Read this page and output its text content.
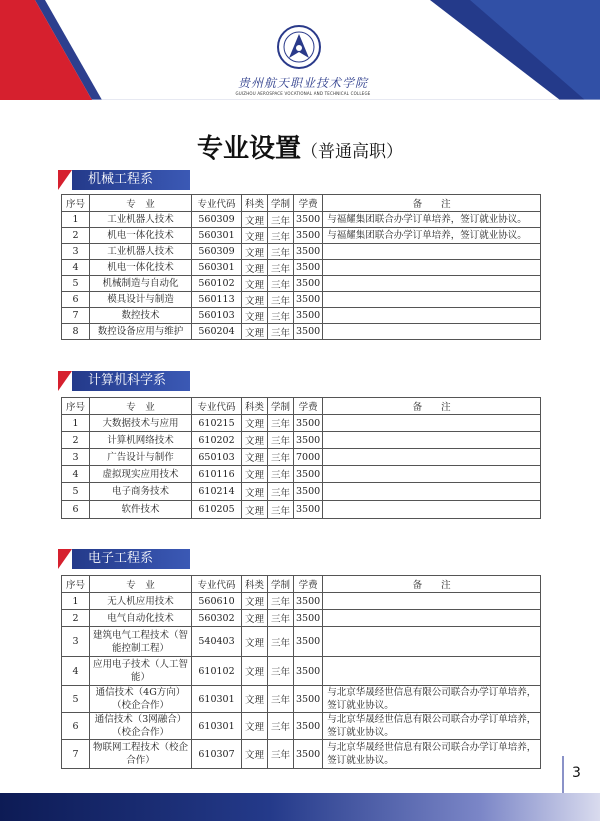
贵州航天职业技术学院
GUIZHOU AEROSPACE VOCATIONAL AND TECHNICAL COLLEGE
专业设置（普通高职）
机械工程系
序号	专　业	专业代码	科类	学制	学费	备　　注
1	工业机器人技术	560309	文理	三年	3500	与福耀集团联合办学订单培养，签订就业协议。
2	机电一体化技术	560301	文理	三年	3500	与福耀集团联合办学订单培养，签订就业协议。
3	工业机器人技术	560309	文理	三年	3500	
4	机电一体化技术	560301	文理	三年	3500	
5	机械制造与自动化	560102	文理	三年	3500	
6	模具设计与制造	560113	文理	三年	3500	
7	数控技术	560103	文理	三年	3500	
8	数控设备应用与维护	560204	文理	三年	3500	
计算机科学系
序号	专　业	专业代码	科类	学制	学费	备　　注
1	大数据技术与应用	610215	文理	三年	3500	
2	计算机网络技术	610202	文理	三年	3500	
3	广告设计与制作	650103	文理	三年	7000	
4	虚拟现实应用技术	610116	文理	三年	3500	
5	电子商务技术	610214	文理	三年	3500	
6	软件技术	610205	文理	三年	3500	
电子工程系
序号	专　业	专业代码	科类	学制	学费	备　　注
1	无人机应用技术	560610	文理	三年	3500	
2	电气自动化技术	560302	文理	三年	3500	
3	建筑电气工程技术（智能控制工程）	540403	文理	三年	3500	
4	应用电子技术（人工智能）	610102	文理	三年	3500	
5	通信技术（4G方向）（校企合作）	610301	文理	三年	3500	与北京华晟经世信息有限公司联合办学订单培养，签订就业协议。
6	通信技术（3网融合）（校企合作）	610301	文理	三年	3500	与北京华晟经世信息有限公司联合办学订单培养，签订就业协议。
7	物联网工程技术（校企合作）	610307	文理	三年	3500	与北京华晟经世信息有限公司联合办学订单培养，签订就业协议。
3
